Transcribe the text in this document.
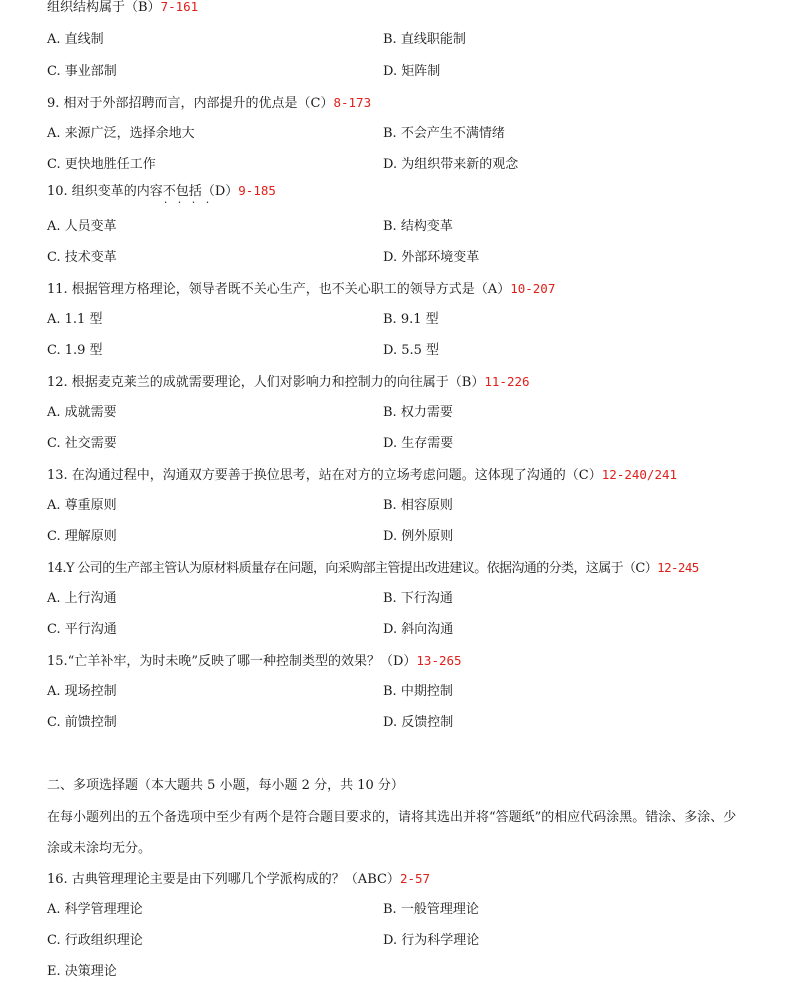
组织结构属于（B）7-161
A. 直线制	B. 直线职能制
C. 事业部制	D. 矩阵制
9. 相对于外部招聘而言，内部提升的优点是（C）8-173
A. 来源广泛，选择余地大	B. 不会产生不满情绪
C. 更快地胜任工作	D. 为组织带来新的观念
10. 组织变革的内容不包括 · ·（D）9-185
A. 人员变革	B. 结构变革
C. 技术变革	D. 外部环境变革
11. 根据管理方格理论，领导者既不关心生产，也不关心职工的领导方式是（A）10-207
A. 1.1 型	B. 9.1 型
C. 1.9 型	D. 5.5 型
12. 根据麦克莱兰的成就需要理论，人们对影响力和控制力的向往属于（B）11-226
A. 成就需要	B. 权力需要
C. 社交需要	D. 生存需要
13. 在沟通过程中，沟通双方要善于换位思考，站在对方的立场考虑问题。这体现了沟通的（C）12-240/241
A. 尊重原则	B. 相容原则
C. 理解原则	D. 例外原则
14.Y 公司的生产部主管认为原材料质量存在问题，向采购部主管提出改进建议。依据沟通的分类，这属于（C）12-245
A. 上行沟通	B. 下行沟通
C. 平行沟通	D. 斜向沟通
15.“亡羊补牢，为时未晚”反映了哪一种控制类型的效果？（D）13-265
A. 现场控制	B. 中期控制
C. 前馈控制	D. 反馈控制
二、多项选择题（本大题共 5 小题，每小题 2 分，共 10 分）
在每小题列出的五个备选项中至少有两个是符合题目要求的，请将其选出并将“答题纸”的相应代码涂黑。错涂、多涂、少涂或未涂均无分。
16. 古典管理理论主要是由下列哪几个学派构成的？（ABC）2-57
A. 科学管理理论	B. 一般管理理论
C. 行政组织理论	D. 行为科学理论
E. 决策理论
